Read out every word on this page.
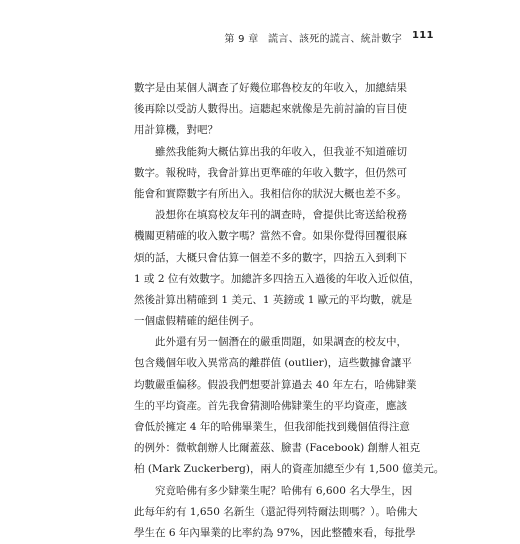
第 9 章 謊言、該死的謊言、統計數字 111
數字是由某個人調查了好幾位耶魯校友的年收入，加總結果
後再除以受訪人數得出。這聽起來就像是先前討論的盲目使
用計算機，對吧？
雖然我能夠大概估算出我的年收入，但我並不知道確切
數字。報稅時，我會計算出更準確的年收入數字，但仍然可
能會和實際數字有所出入。我相信你的狀況大概也差不多。
設想你在填寫校友年刊的調查時，會提供比寄送給稅務
機關更精確的收入數字嗎？當然不會。如果你覺得回覆很麻
煩的話，大概只會估算一個差不多的數字，四捨五入到剩下
1 或 2 位有效數字。加總許多四捨五入過後的年收入近似值，
然後計算出精確到 1 美元、1 英鎊或 1 歐元的平均數，就是
一個虛假精確的絕佳例子。
此外還有另一個潛在的嚴重問題，如果調查的校友中，
包含幾個年收入異常高的離群值 (outlier)，這些數據會讓平
均數嚴重偏移。假設我們想要計算過去 40 年左右，哈佛肄業
生的平均資產。首先我會猜測哈佛肄業生的平均資產，應該
會低於擁定 4 年的哈佛畢業生，但我卻能找到幾個值得注意
的例外：微軟創辦人比爾蓋茲、臉書 (Facebook) 創辦人祖克
柏 (Mark Zuckerberg)，兩人的資產加總至少有 1,500 億美元。
究竟哈佛有多少肄業生呢？哈佛有 6,600 名大學生，因
此每年約有 1,650 名新生（還記得列特爾法則嗎？）。哈佛大
學生在 6 年內畢業的比率約為 97%，因此整體來看，每批學
